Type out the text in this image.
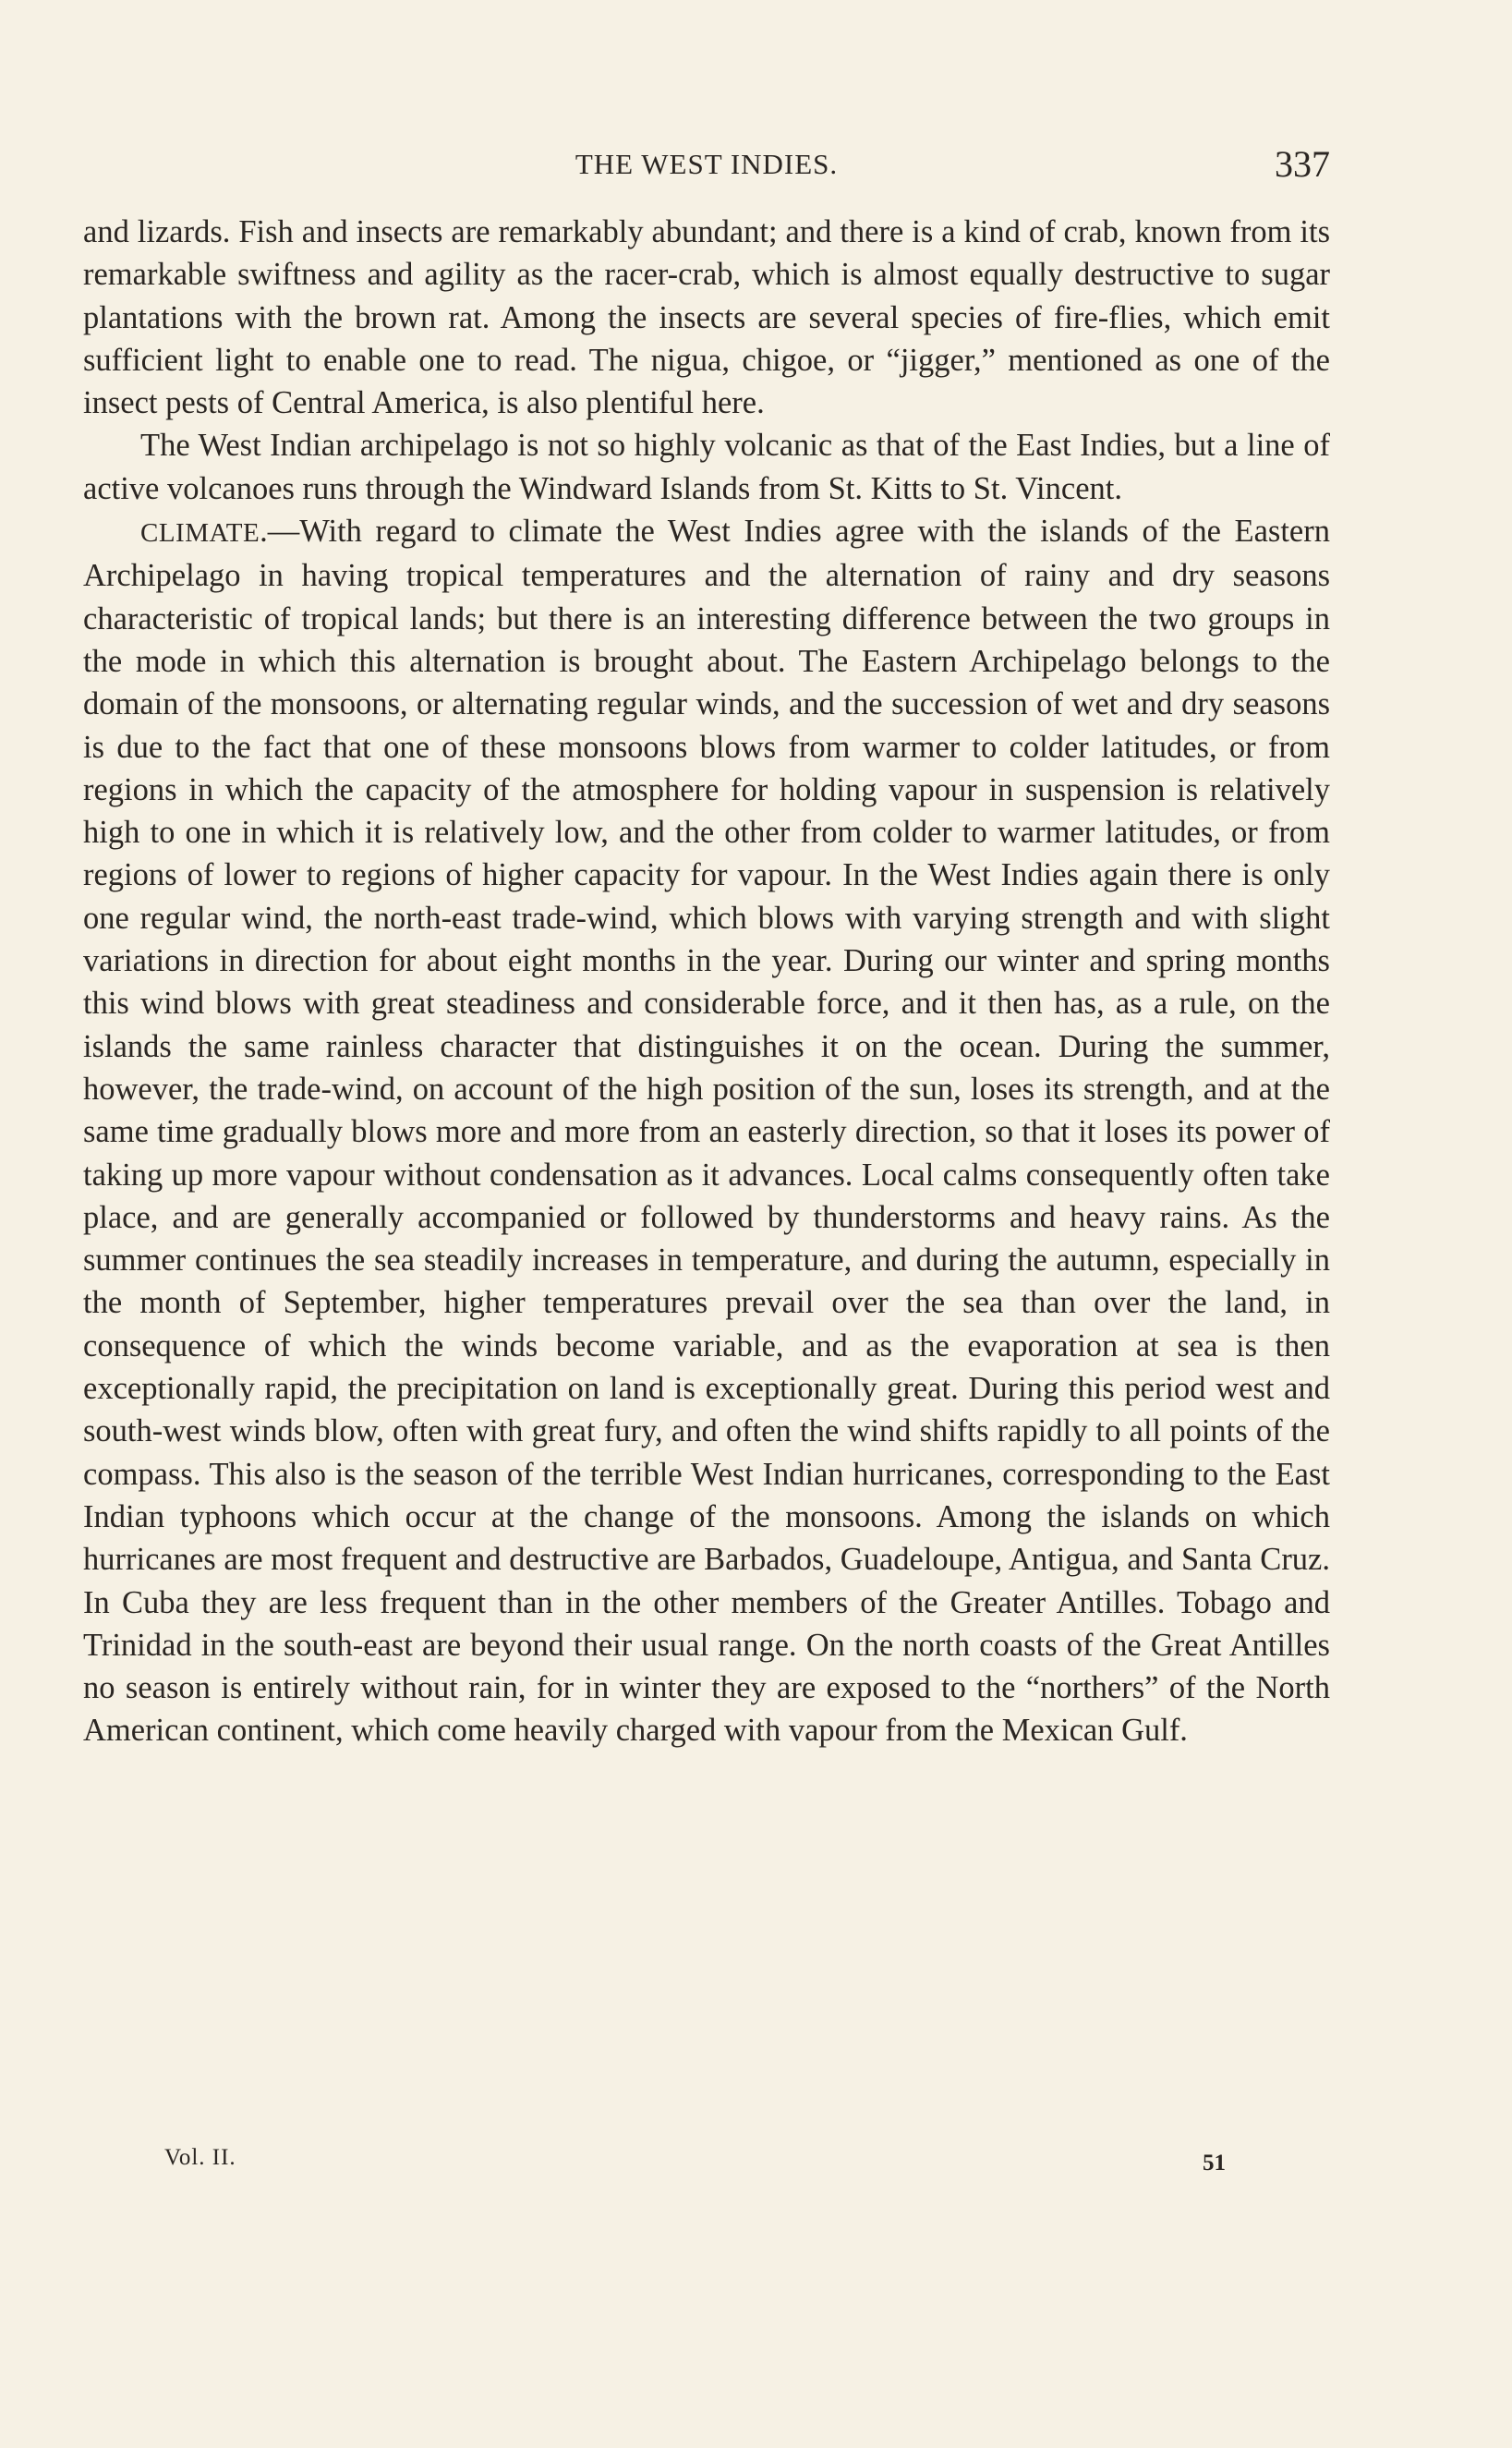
THE WEST INDIES.	337

and lizards. Fish and insects are remarkably abundant; and there is a kind of crab, known from its remarkable swiftness and agility as the racer-crab, which is almost equally destructive to sugar plantations with the brown rat. Among the insects are several species of fire-flies, which emit sufficient light to enable one to read. The nigua, chigoe, or “jigger,” mentioned as one of the insect pests of Central America, is also plentiful here.

The West Indian archipelago is not so highly volcanic as that of the East Indies, but a line of active volcanoes runs through the Windward Islands from St. Kitts to St. Vincent.

CLIMATE.—With regard to climate the West Indies agree with the islands of the Eastern Archipelago in having tropical temperatures and the alternation of rainy and dry seasons characteristic of tropical lands; but there is an interesting difference between the two groups in the mode in which this alternation is brought about. The Eastern Archipelago belongs to the domain of the monsoons, or alternating regular winds, and the succession of wet and dry seasons is due to the fact that one of these monsoons blows from warmer to colder latitudes, or from regions in which the capacity of the atmosphere for holding vapour in suspension is relatively high to one in which it is relatively low, and the other from colder to warmer latitudes, or from regions of lower to regions of higher capacity for vapour. In the West Indies again there is only one regular wind, the north-east trade-wind, which blows with varying strength and with slight variations in direction for about eight months in the year. During our winter and spring months this wind blows with great steadiness and considerable force, and it then has, as a rule, on the islands the same rainless character that distinguishes it on the ocean. During the summer, however, the trade-wind, on account of the high position of the sun, loses its strength, and at the same time gradually blows more and more from an easterly direction, so that it loses its power of taking up more vapour without condensation as it advances. Local calms consequently often take place, and are generally accompanied or followed by thunderstorms and heavy rains. As the summer continues the sea steadily increases in temperature, and during the autumn, especially in the month of September, higher temperatures prevail over the sea than over the land, in consequence of which the winds become variable, and as the evaporation at sea is then exceptionally rapid, the precipitation on land is exceptionally great. During this period west and south-west winds blow, often with great fury, and often the wind shifts rapidly to all points of the compass. This also is the season of the terrible West Indian hurricanes, corresponding to the East Indian typhoons which occur at the change of the monsoons. Among the islands on which hurricanes are most frequent and destructive are Barbados, Guadeloupe, Antigua, and Santa Cruz. In Cuba they are less frequent than in the other members of the Greater Antilles. Tobago and Trinidad in the south-east are beyond their usual range. On the north coasts of the Great Antilles no season is entirely without rain, for in winter they are exposed to the “northers” of the North American continent, which come heavily charged with vapour from the Mexican Gulf.

Vol. II.	51
